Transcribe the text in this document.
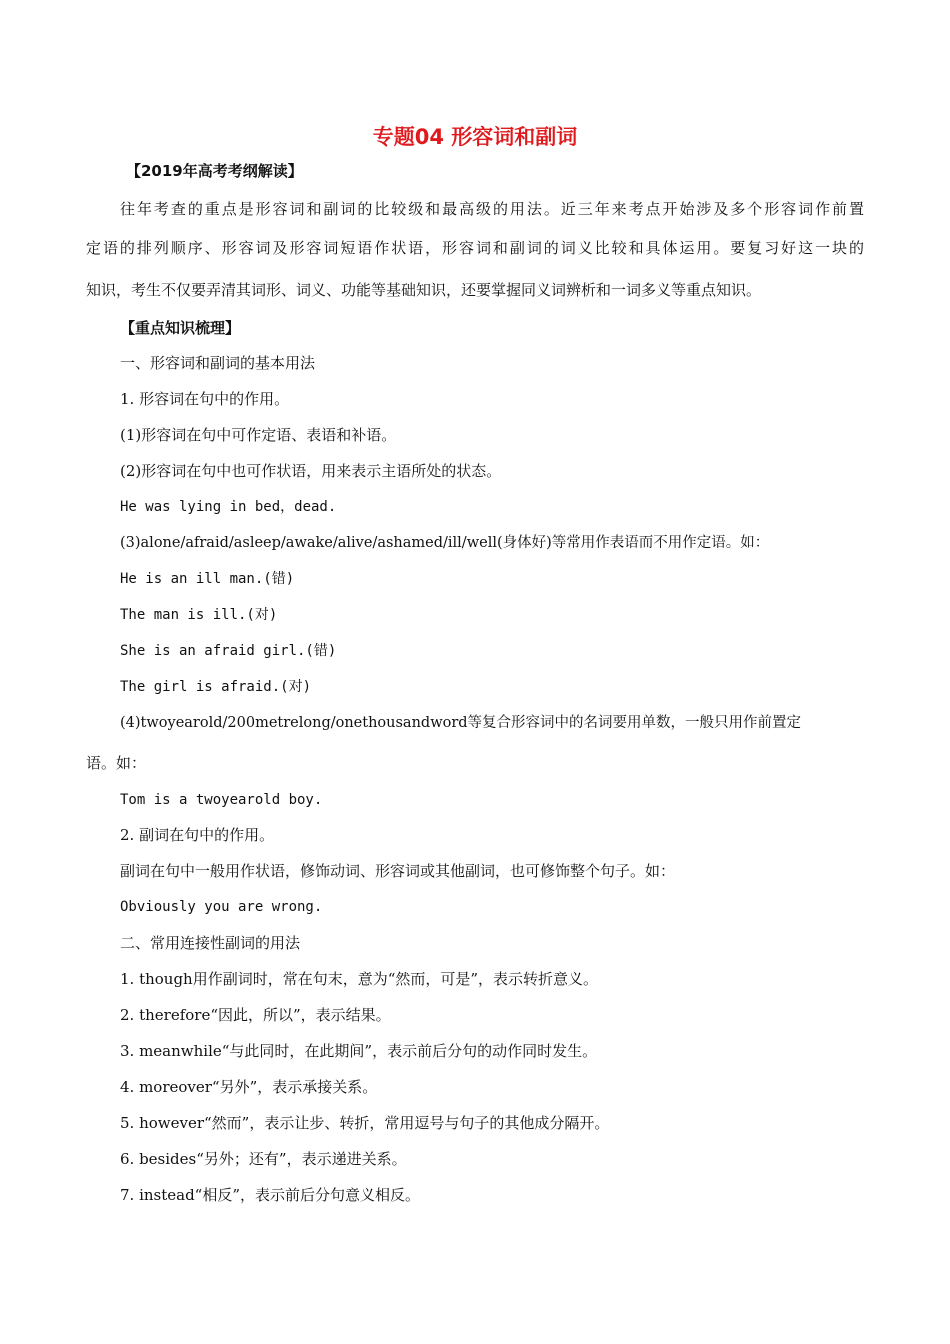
专题04 形容词和副词
【2019年高考考纲解读】
往年考查的重点是形容词和副词的比较级和最高级的用法。近三年来考点开始涉及多个形容词作前置
定语的排列顺序、形容词及形容词短语作状语，形容词和副词的词义比较和具体运用。要复习好这一块的
知识，考生不仅要弄清其词形、词义、功能等基础知识，还要掌握同义词辨析和一词多义等重点知识。
【重点知识梳理】
一、形容词和副词的基本用法
1. 形容词在句中的作用。
(1)形容词在句中可作定语、表语和补语。
(2)形容词在句中也可作状语，用来表示主语所处的状态。
He was lying in bed，dead.
(3)alone/afraid/asleep/awake/alive/ashamed/ill/well(身体好)等常用作表语而不用作定语。如：
He is an ill man.(错)
The man is ill.(对)
She is an afraid girl.(错)
The girl is afraid.(对)
(4)twoyearold/200metrelong/onethousandword等复合形容词中的名词要用单数，一般只用作前置定
语。如：
Tom is a twoyearold boy.
2. 副词在句中的作用。
副词在句中一般用作状语，修饰动词、形容词或其他副词，也可修饰整个句子。如：
Obviously you are wrong.
二、常用连接性副词的用法
1. though用作副词时，常在句末，意为“然而，可是”，表示转折意义。
2. therefore“因此，所以”，表示结果。
3. meanwhile“与此同时，在此期间”，表示前后分句的动作同时发生。
4. moreover“另外”，表示承接关系。
5. however“然而”，表示让步、转折，常用逗号与句子的其他成分隔开。
6. besides“另外；还有”，表示递进关系。
7. instead“相反”，表示前后分句意义相反。
